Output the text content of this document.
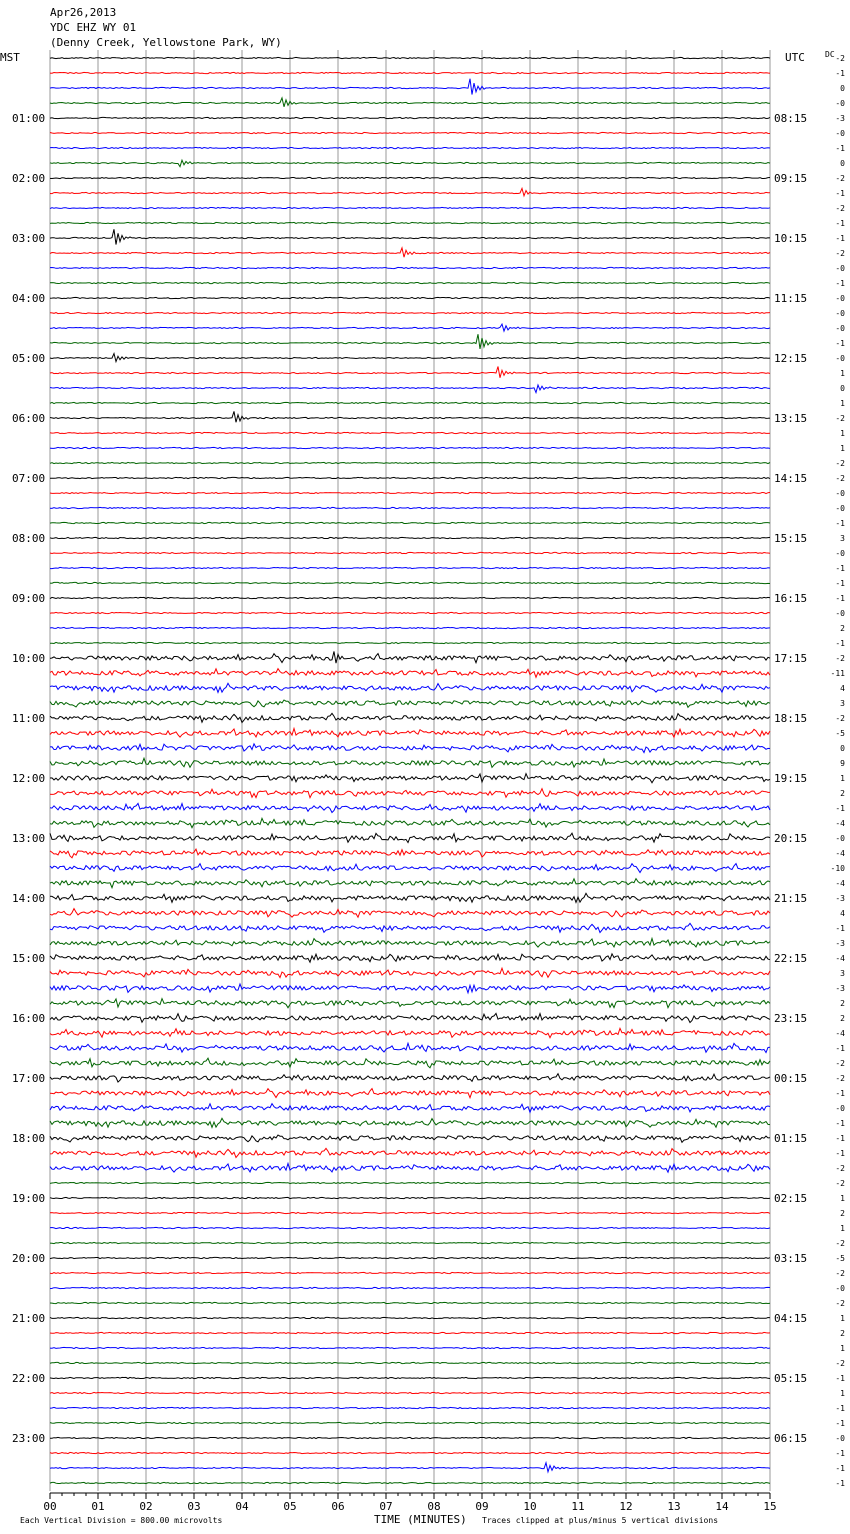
Apr26,2013
YDC EHZ WY 01
(Denny Creek, Yellowstone Park, WY)
MST	UTC	DC
01:00
02:00
03:00
04:00
05:00
06:00
07:00
08:00
09:00
10:00
11:00
12:00
13:00
14:00
15:00
16:00
17:00
18:00
19:00
20:00
21:00
22:00
23:00
08:15
09:15
10:15
11:15
12:15
13:15
14:15
15:15
16:15
17:15
18:15
19:15
20:15
21:15
22:15
23:15
00:15
01:15
02:15
03:15
04:15
05:15
06:15
-2
-1
0
-0
-3
-0
-1
0
-2
-1
-2
-1
-1
-2
-0
-1
-0
-0
-0
-1
-0
1
0
1
-2
1
1
-2
-2
-0
-0
-1
3
-0
-1
-1
-1
-0
2
-1
-2
-11
4
3
-2
-5
0
9
1
2
-1
-4
-0
-4
-10
-4
-3
4
-1
-3
-4
3
-3
2
2
-4
-1
-2
-2
-1
-0
-1
-1
-1
-2
-2
1
2
1
-2
-5
-2
-0
-2
1
2
1
-2
-1
1
-1
-1
-0
-1
-1
-1
00	01	02	03	04	05	06	07	08	09	10	11	12	13	14	15
TIME (MINUTES)
Each Vertical Division = 800.00 microvolts	Traces clipped at plus/minus 5 vertical divisions
